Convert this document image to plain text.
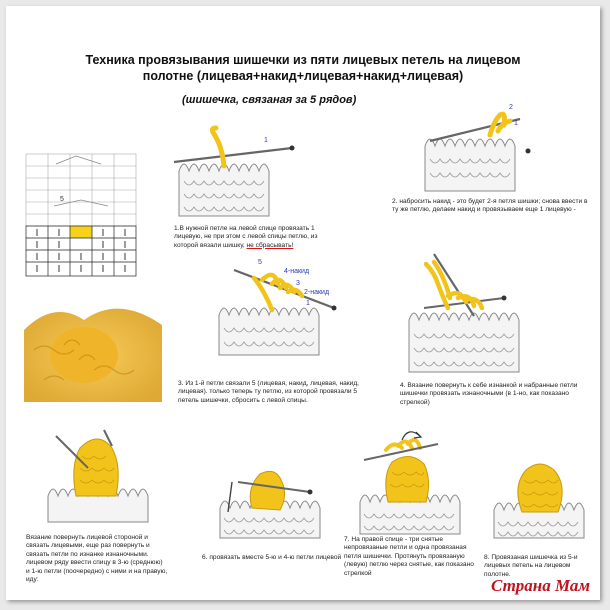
Техника провязывания шишечки из пяти лицевых петель на лицевом
полотне (лицевая+накид+лицевая+накид+лицевая)
(шишечка, связаная за 5 рядов)
5
1
1.В нужной петле на левой спице провязать 1 лицевую, не при этом с левой спицы петлю, из которой вязали шишку, не сбрасывать!
2
1
2. набросить накид - это будет 2-я петля шишки; снова ввести в ту же петлю, делаем накид и провязываем еще 1 лицевую -
5
4-накид
3
2-накид
1
3. Из 1-й петли связали 5 (лицевая, накид, лицевая, накид, лицевая). только теперь ту петлю, из которой провязали 5 петель шишечки, сбросить с левой спицы.
4. Вязание повернуть к себе изнанкой и набранные петли шишечки провязать изнаночными (в 1-но, как показано стрелкой)
Вязание повернуть лицевой стороной и связать лицевыми, еще раз повернуть и связать петли по изнанке изнаночными. лицевом ряду ввести спицу в 3-ю (среднюю) и 1-ю петли (поочередно) с ними и на правую, иду:
6. провязать вместе 5-ю и 4-ю петли лицевой
7. На правой спице - три снятые непровязаные петли и одна провязаная петля шишечки. Протянуть провязаную (левую) петлю через снятые, как показано стрелкой
8. Провязаная шишечка из 5-и лицевых петель на лицевом полотне.
Страна Мам
